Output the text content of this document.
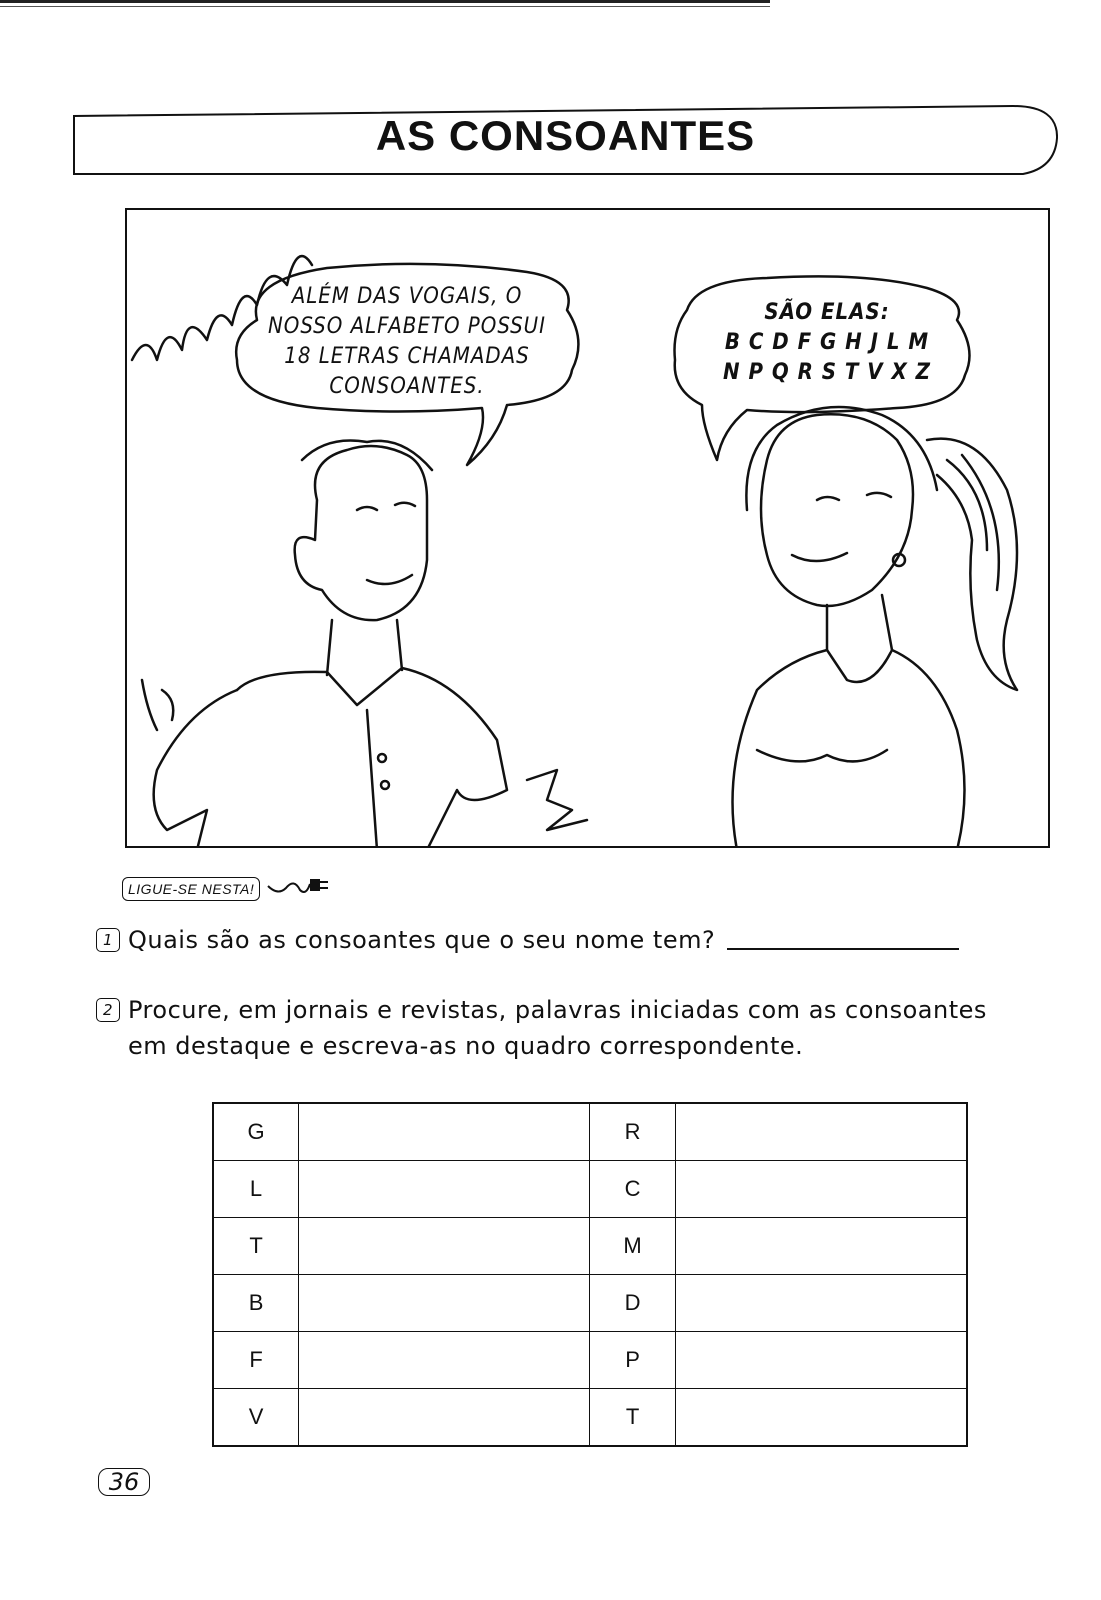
AS CONSOANTES
ALÉM DAS VOGAIS, O
NOSSO ALFABETO POSSUI
18 LETRAS CHAMADAS
CONSOANTES.
SÃO ELAS:
B C D F G H J L M
N P Q R S T V X Z
LIGUE-SE NESTA!
1 Quais são as consoantes que o seu nome tem?
2 Procure, em jornais e revistas, palavras iniciadas com as consoantes
em destaque e escreva-as no quadro correspondente.
G		R	
L		C	
T		M	
B		D	
F		P	
V		T	
36
